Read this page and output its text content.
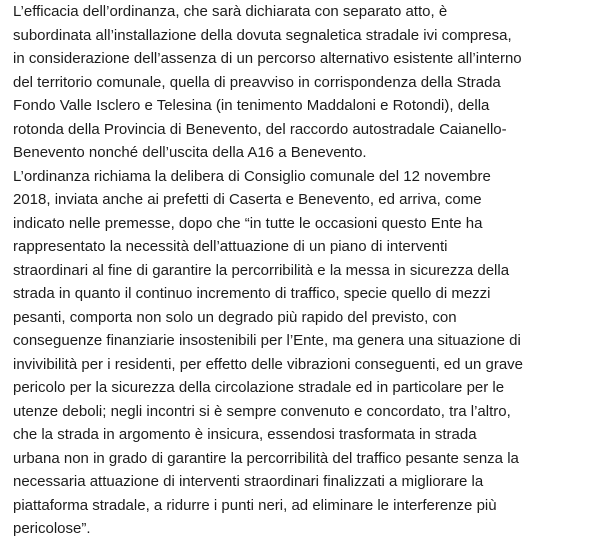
L’efficacia dell’ordinanza, che sarà dichiarata con separato atto, è
subordinata all’installazione della dovuta segnaletica stradale ivi compresa,
in considerazione dell’assenza di un percorso alternativo esistente all’interno
del territorio comunale, quella di preavviso in corrispondenza della Strada
Fondo Valle Isclero e Telesina (in tenimento Maddaloni e Rotondi), della
rotonda della Provincia di Benevento, del raccordo autostradale Caianello-
Benevento nonché dell’uscita della A16 a Benevento.
L’ordinanza richiama la delibera di Consiglio comunale del 12 novembre
2018, inviata anche ai prefetti di Caserta e Benevento, ed arriva, come
indicato nelle premesse, dopo che “in tutte le occasioni questo Ente ha
rappresentato la necessità dell’attuazione di un piano di interventi
straordinari al fine di garantire la percorribilità e la messa in sicurezza della
strada in quanto il continuo incremento di traffico, specie quello di mezzi
pesanti, comporta non solo un degrado più rapido del previsto, con
conseguenze finanziarie insostenibili per l’Ente, ma genera una situazione di
invivibilità per i residenti, per effetto delle vibrazioni conseguenti, ed un grave
pericolo per la sicurezza della circolazione stradale ed in particolare per le
utenze deboli; negli incontri si è sempre convenuto e concordato, tra l’altro,
che la strada in argomento è insicura, essendosi trasformata in strada
urbana non in grado di garantire la percorribilità del traffico pesante senza la
necessaria attuazione di interventi straordinari finalizzati a migliorare la
piattaforma stradale, a ridurre i punti neri, ad eliminare le interferenze più
pericolose”.
